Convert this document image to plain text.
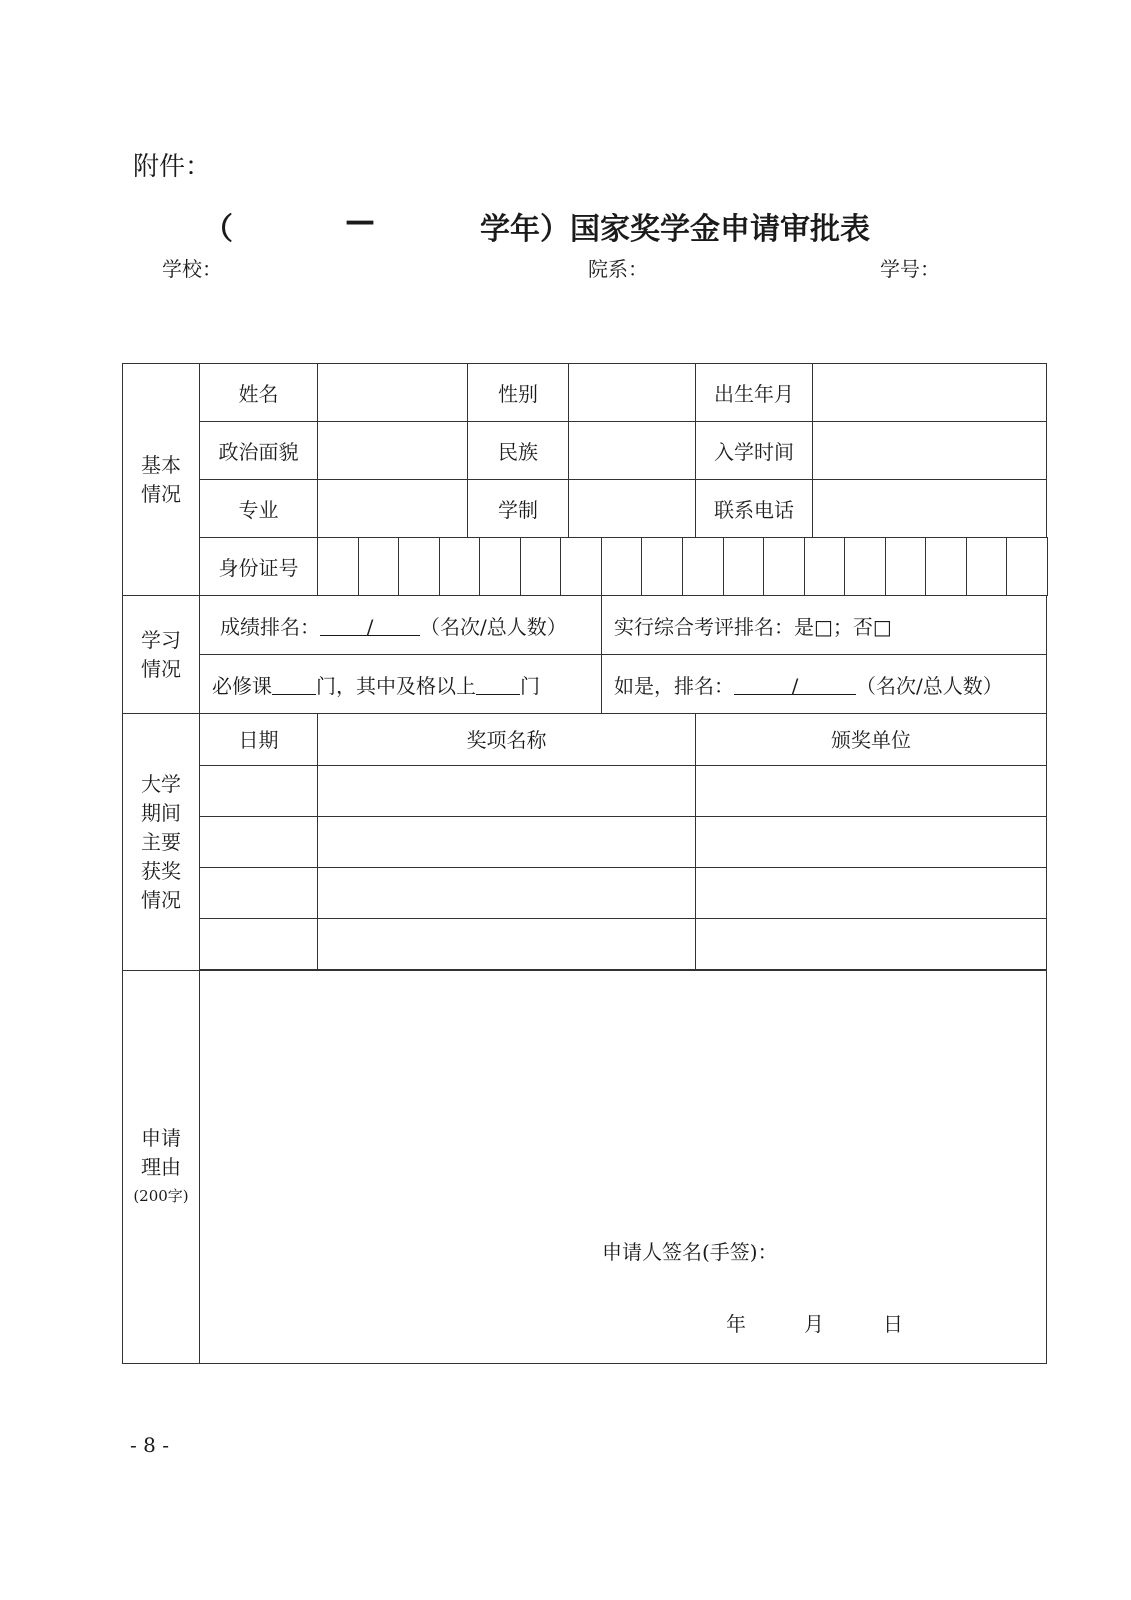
附件：
（	—	学年）国家奖学金申请审批表
学校：	院系：	学号：
基本
情况
姓名	性别	出生年月
政治面貌	民族	入学时间
专业	学制	联系电话
身份证号
学习
情况
成绩排名：	/	（名次/总人数） 实行综合考评排名：是□；否□
必修课 门，其中及格以上 门	如是，排名：	/	（名次/总人数）
大学
期间
主要
获奖
情况
日期	奖项名称	颁奖单位
申请
理由
(200字)
申请人签名(手签)：
年	月	日
- 8 -
